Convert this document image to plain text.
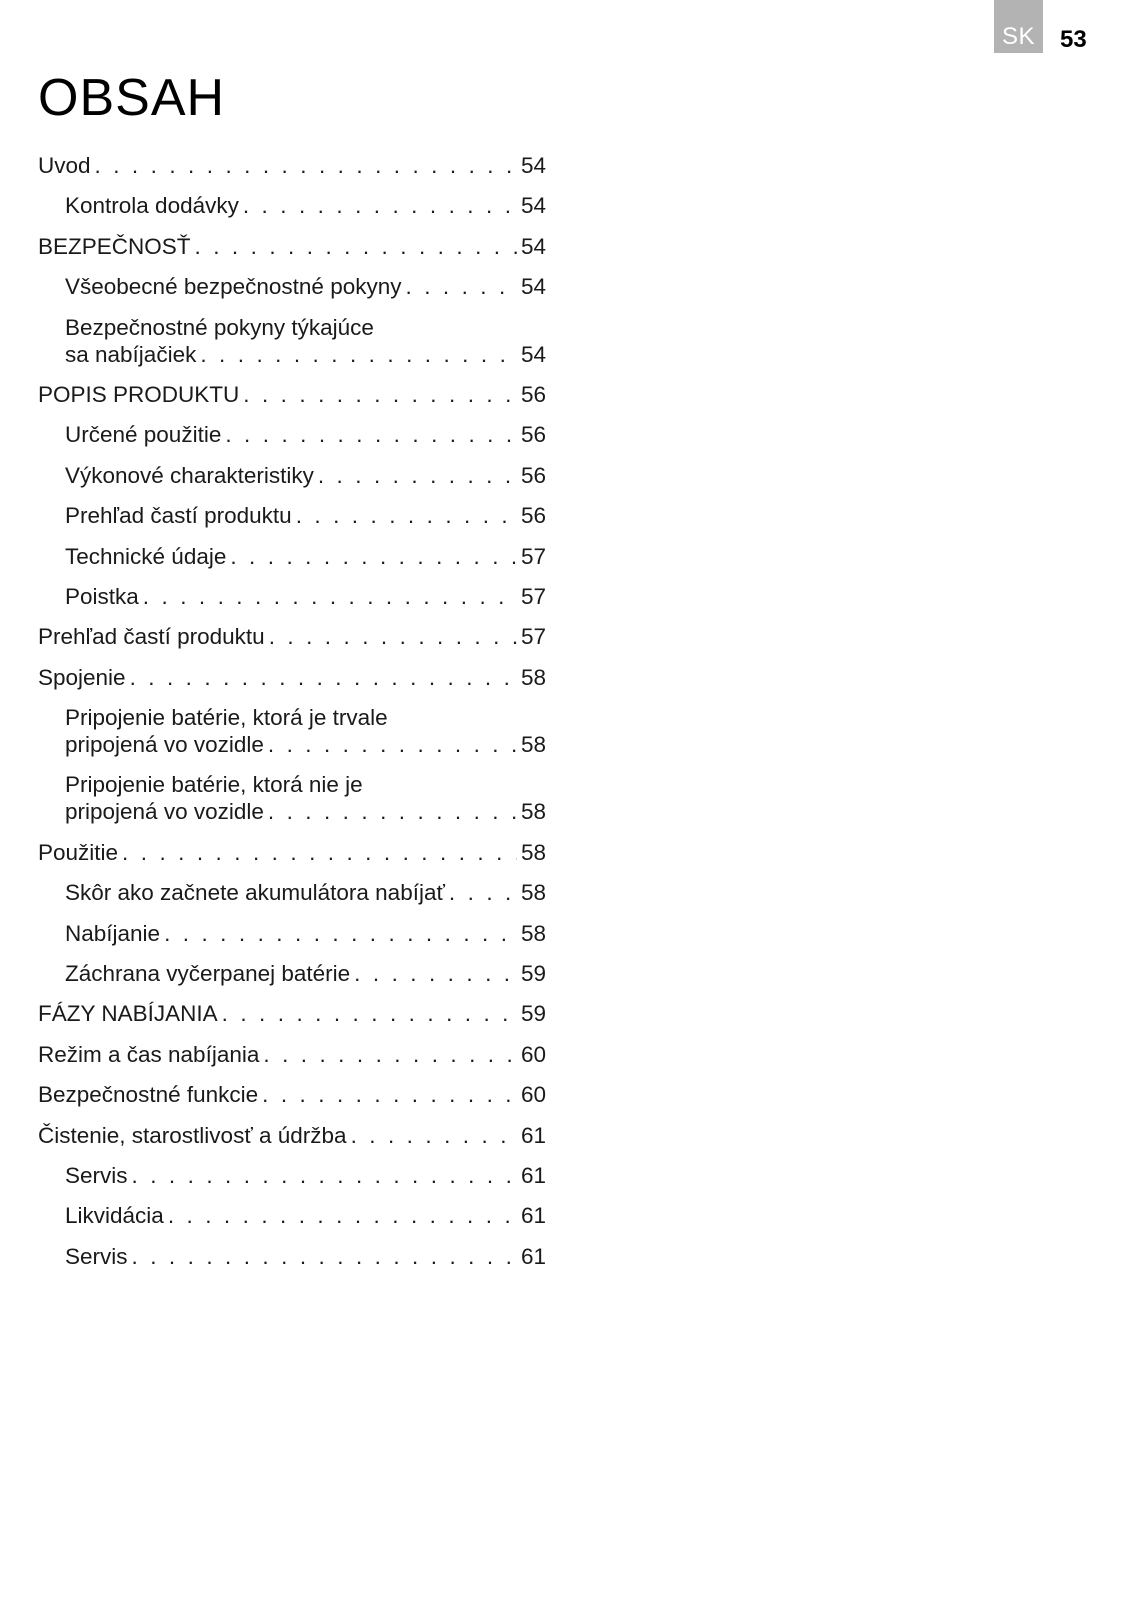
SK 53
OBSAH
Uvod . . .	54
Kontrola dodávky . . .	54
BEZPEČNOSŤ . . .	54
Všeobecné bezpečnostné pokyny . . .	54
Bezpečnostné pokyny týkajúce
sa nabíjačiek . . .	54
POPIS PRODUKTU . . .	56
Určené použitie . . .	56
Výkonové charakteristiky . . .	56
Prehľad častí produktu . . .	56
Technické údaje . . .	57
Poistka . . .	57
Prehľad častí produktu . . .	57
Spojenie . . .	58
Pripojenie batérie, ktorá je trvale
pripojená vo vozidle . . .	58
Pripojenie batérie, ktorá nie je
pripojená vo vozidle . . .	58
Použitie . . .	58
Skôr ako začnete akumulátora nabíjať . . .	58
Nabíjanie . . .	58
Záchrana vyčerpanej batérie . . .	59
FÁZY NABÍJANIA . . .	59
Režim a čas nabíjania . . .	60
Bezpečnostné funkcie . . .	60
Čistenie, starostlivosť a údržba . . .	61
Servis . . .	61
Likvidácia . . .	61
Servis . . .	61
